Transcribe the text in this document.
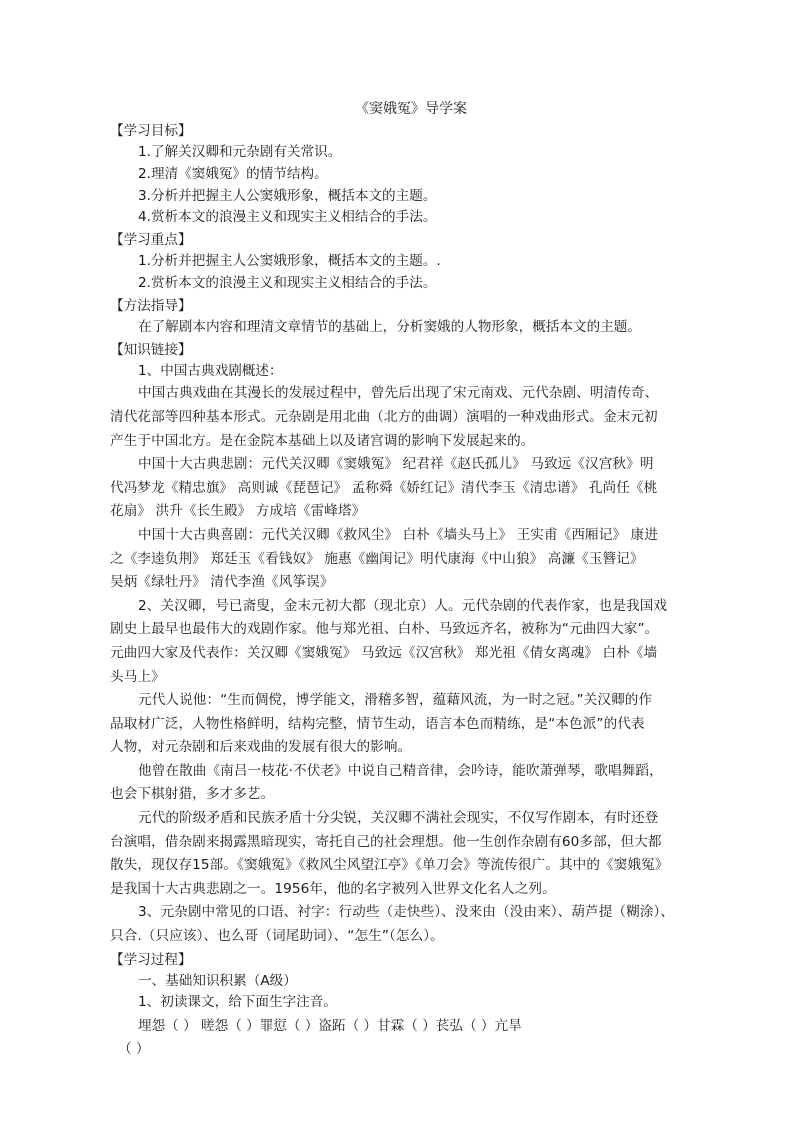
《窦娥冤》导学案
【学习目标】
1.了解关汉卿和元杂剧有关常识。
2.理清《窦娥冤》的情节结构。
3.分析并把握主人公窦娥形象，概括本文的主题。
4.赏析本文的浪漫主义和现实主义相结合的手法。
【学习重点】
1.分析并把握主人公窦娥形象，概括本文的主题。.
2.赏析本文的浪漫主义和现实主义相结合的手法。
【方法指导】
在了解剧本内容和理清文章情节的基础上，分析窦娥的人物形象，概括本文的主题。
【知识链接】
1、中国古典戏剧概述：
中国古典戏曲在其漫长的发展过程中，曾先后出现了宋元南戏、元代杂剧、明清传奇、
清代花部等四种基本形式。元杂剧是用北曲（北方的曲调）演唱的一种戏曲形式。金末元初
产生于中国北方。是在金院本基础上以及诸宫调的影响下发展起来的。
中国十大古典悲剧：元代关汉卿《窦娥冤》 纪君祥《赵氏孤儿》 马致远《汉宫秋》明
代冯梦龙《精忠旗》 高则诚《琵琶记》 孟称舜《娇红记》清代李玉《清忠谱》 孔尚任《桃
花扇》 洪升《长生殿》 方成培《雷峰塔》
中国十大古典喜剧：元代关汉卿《救风尘》 白朴《墙头马上》 王实甫《西厢记》 康进
之《李逵负荆》 郑廷玉《看钱奴》 施惠《幽闺记》明代康海《中山狼》 高濂《玉簪记》
吴炳《绿牡丹》 清代李渔《风筝误》
2、关汉卿，号已斋叟，金末元初大都（现北京）人。元代杂剧的代表作家，也是我国戏
剧史上最早也最伟大的戏剧作家。他与郑光祖、白朴、马致远齐名，被称为“元曲四大家”。
元曲四大家及代表作：关汉卿《窦娥冤》 马致远《汉宫秋》 郑光祖《倩女离魂》 白朴《墙
头马上》
元代人说他：“生而倜傥，博学能文，滑稽多智，蕴藉风流，为一时之冠。”关汉卿的作
品取材广泛，人物性格鲜明，结构完整，情节生动，语言本色而精练，是“本色派”的代表
人物，对元杂剧和后来戏曲的发展有很大的影响。
他曾在散曲《南吕一枝花·不伏老》中说自己精音律，会吟诗，能吹萧弹琴，歌唱舞蹈，
也会下棋射猎，多才多艺。
元代的阶级矛盾和民族矛盾十分尖锐，关汉卿不满社会现实，不仅写作剧本，有时还登
台演唱，借杂剧来揭露黑暗现实，寄托自己的社会理想。他一生创作杂剧有60多部，但大都
散失，现仅存15部。《窦娥冤》《救风尘风望江亭》《单刀会》等流传很广。其中的《窦娥冤》
是我国十大古典悲剧之一。1956年，他的名字被列入世界文化名人之列。
3、元杂剧中常见的口语、衬字：行动些（走快些）、没来由（没由来）、葫芦提（糊涂）、
只合.（只应该）、也么哥（词尾助词）、“怎生”（怎么）。
【学习过程】
一、基础知识积累（A级）
1、初读课文，给下面生字注音。
埋怨（ ） 嗟怨（ ）罪愆（ ）盗跖（ ）甘霖（ ）苌弘（ ）亢旱
（ ）
